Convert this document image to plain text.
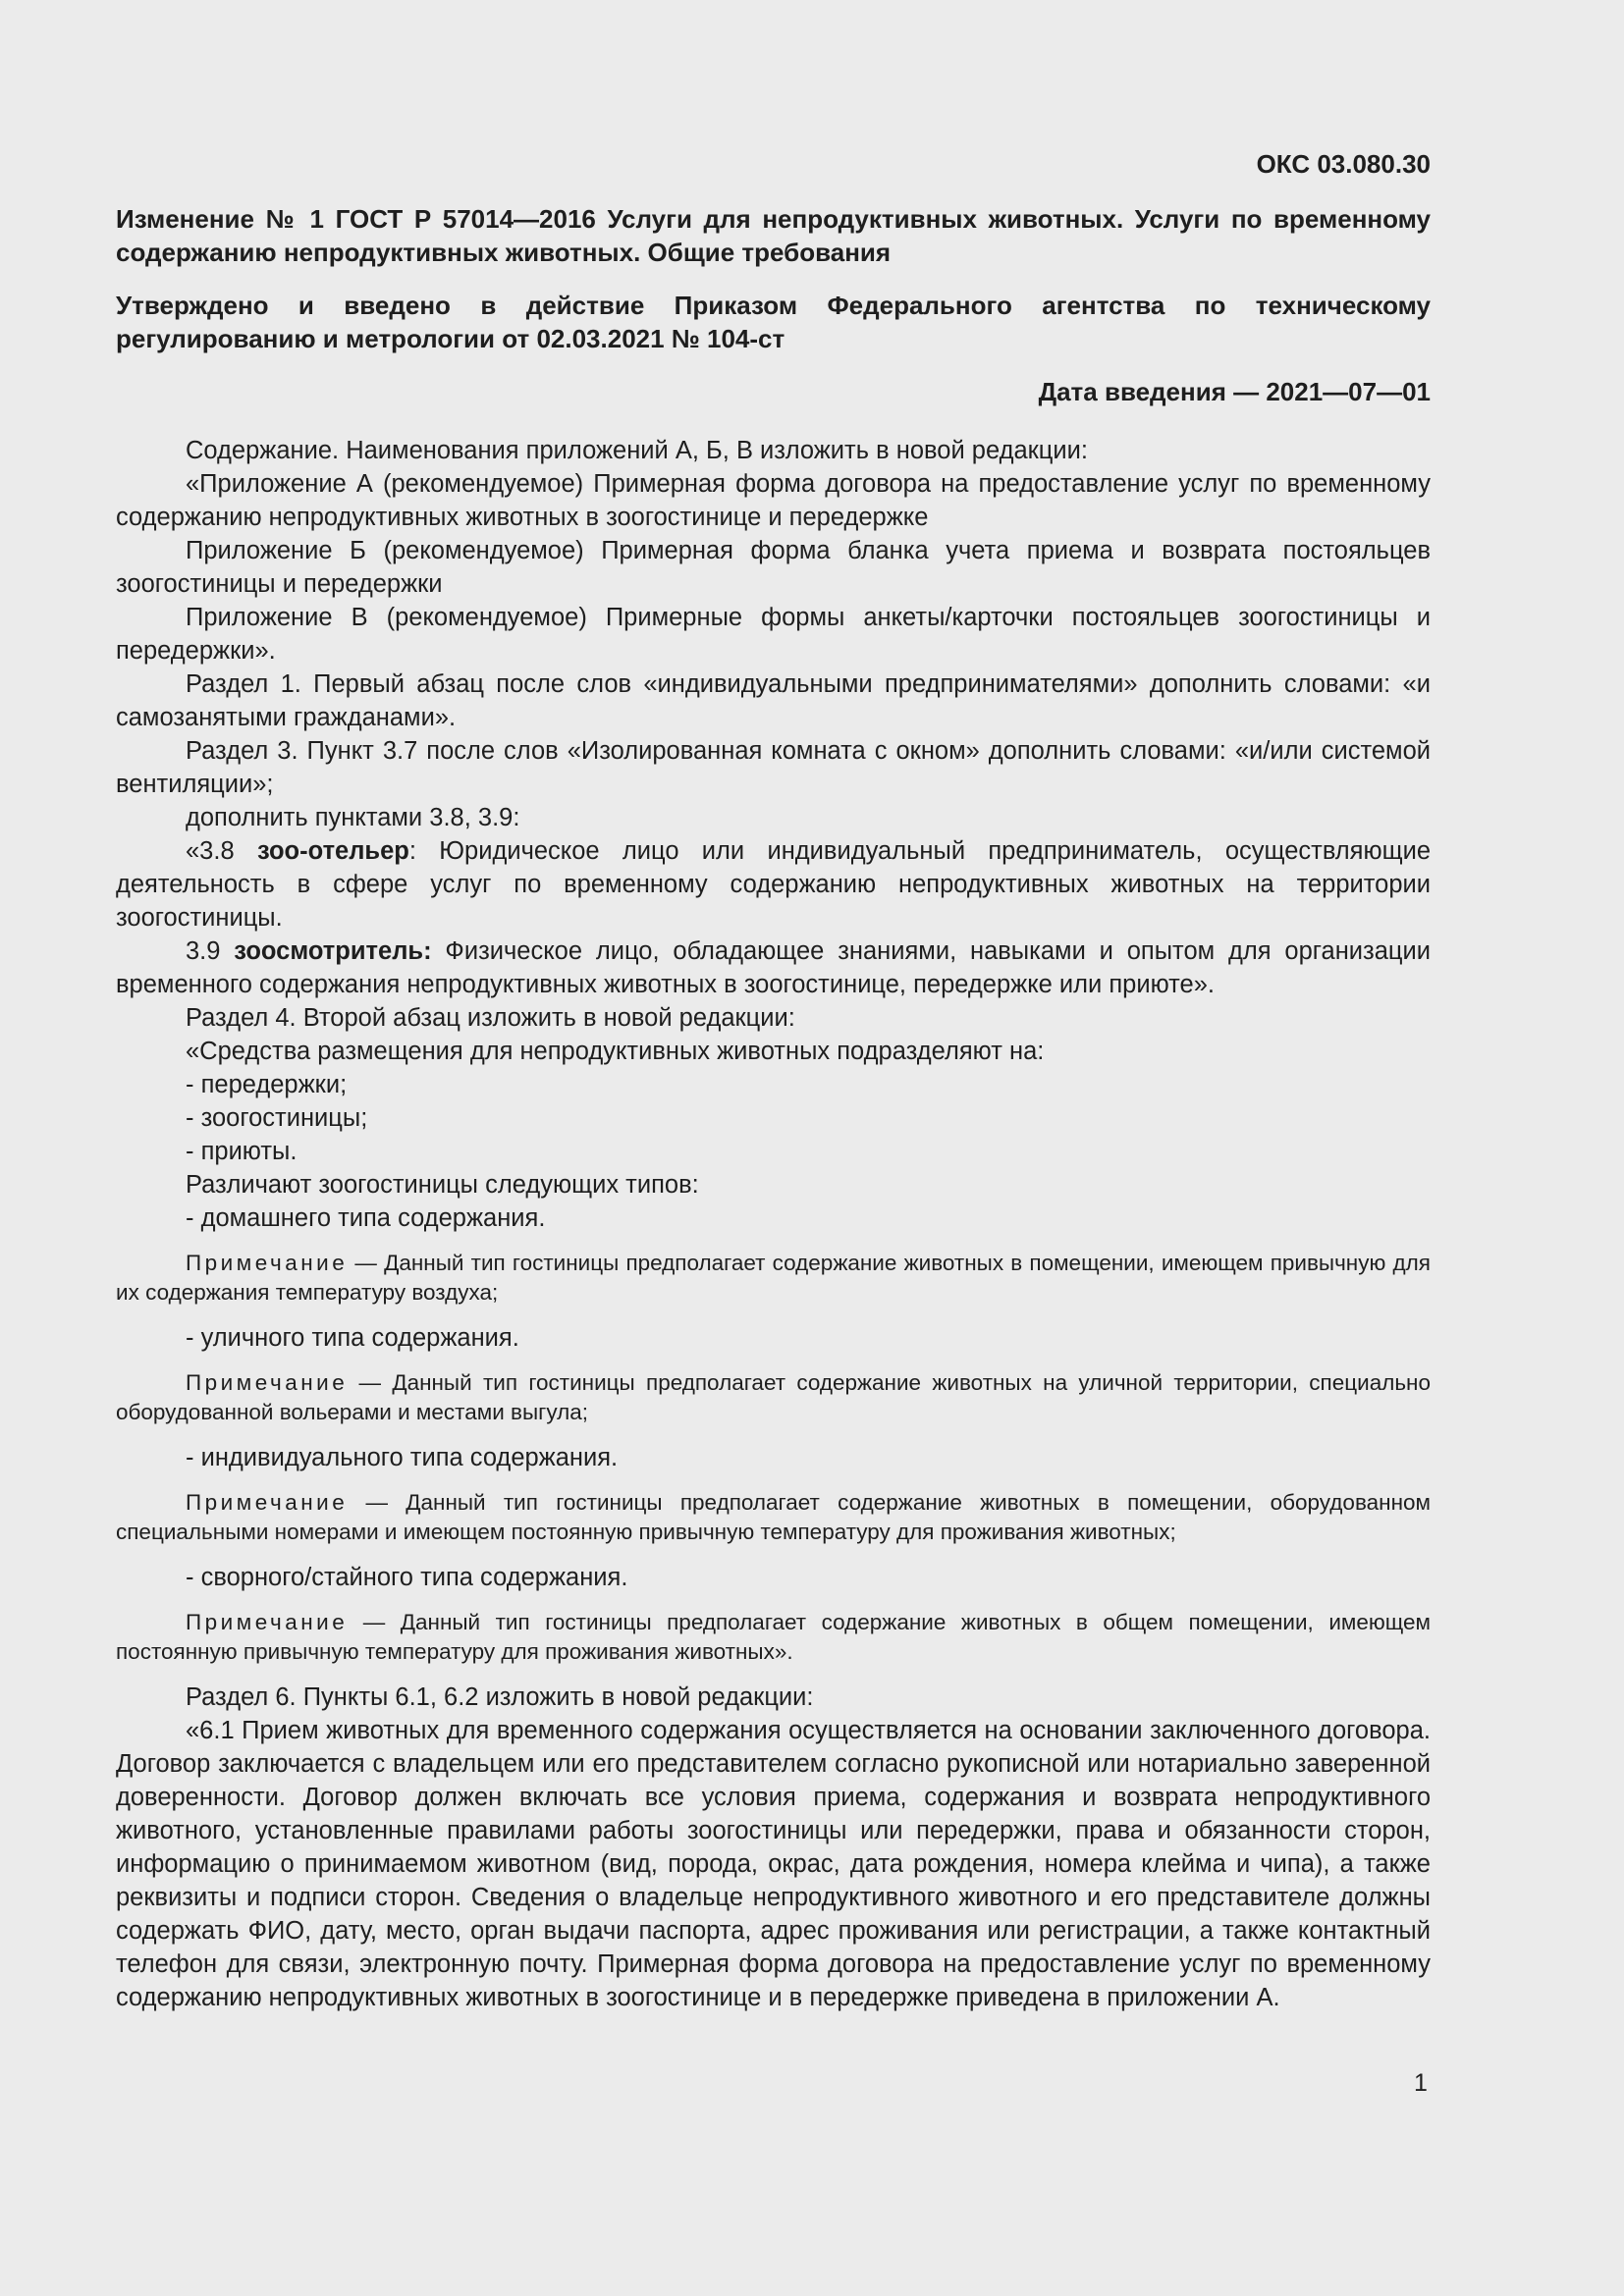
ОКС 03.080.30
Изменение № 1 ГОСТ Р 57014—2016 Услуги для непродуктивных животных. Услуги по временному содержанию непродуктивных животных. Общие требования
Утверждено и введено в действие Приказом Федерального агентства по техническому регулированию и метрологии от 02.03.2021 № 104-ст
Дата введения — 2021—07—01

Содержание. Наименования приложений А, Б, В изложить в новой редакции:

«Приложение А (рекомендуемое) Примерная форма договора на предоставление услуг по временному содержанию непродуктивных животных в зоогостинице и передержке

Приложение Б (рекомендуемое) Примерная форма бланка учета приема и возврата постояльцев зоогостиницы и передержки

Приложение В (рекомендуемое) Примерные формы анкеты/карточки постояльцев зоогостиницы и передержки».

Раздел 1. Первый абзац после слов «индивидуальными предпринимателями» дополнить словами: «и самозанятыми гражданами».

Раздел 3. Пункт 3.7 после слов «Изолированная комната с окном» дополнить словами: «и/или системой вентиляции»;

дополнить пунктами 3.8, 3.9:

«3.8 зоо-отельер: Юридическое лицо или индивидуальный предприниматель, осуществляющие деятельность в сфере услуг по временному содержанию непродуктивных животных на территории зоогостиницы.

3.9 зоосмотритель: Физическое лицо, обладающее знаниями, навыками и опытом для организации временного содержания непродуктивных животных в зоогостинице, передержке или приюте».

Раздел 4. Второй абзац изложить в новой редакции:

«Средства размещения для непродуктивных животных подразделяют на:

- передержки;

- зоогостиницы;

- приюты.

Различают зоогостиницы следующих типов:

- домашнего типа содержания.

Примечание — Данный тип гостиницы предполагает содержание животных в помещении, имеющем привычную для их содержания температуру воздуха;

- уличного типа содержания.

Примечание — Данный тип гостиницы предполагает содержание животных на уличной территории, специально оборудованной вольерами и местами выгула;

- индивидуального типа содержания.

Примечание — Данный тип гостиницы предполагает содержание животных в помещении, оборудованном специальными номерами и имеющем постоянную привычную температуру для проживания животных;

- сворного/стайного типа содержания.

Примечание — Данный тип гостиницы предполагает содержание животных в общем помещении, имеющем постоянную привычную температуру для проживания животных».

Раздел 6. Пункты 6.1, 6.2 изложить в новой редакции:

«6.1 Прием животных для временного содержания осуществляется на основании заключенного договора. Договор заключается с владельцем или его представителем согласно рукописной или нотариально заверенной доверенности. Договор должен включать все условия приема, содержания и возврата непродуктивного животного, установленные правилами работы зоогостиницы или передержки, права и обязанности сторон, информацию о принимаемом животном (вид, порода, окрас, дата рождения, номера клейма и чипа), а также реквизиты и подписи сторон. Сведения о владельце непродуктивного животного и его представителе должны содержать ФИО, дату, место, орган выдачи паспорта, адрес проживания или регистрации, а также контактный телефон для связи, электронную почту. Примерная форма договора на предоставление услуг по временному содержанию непродуктивных животных в зоогостинице и в передержке приведена в приложении А.

1
